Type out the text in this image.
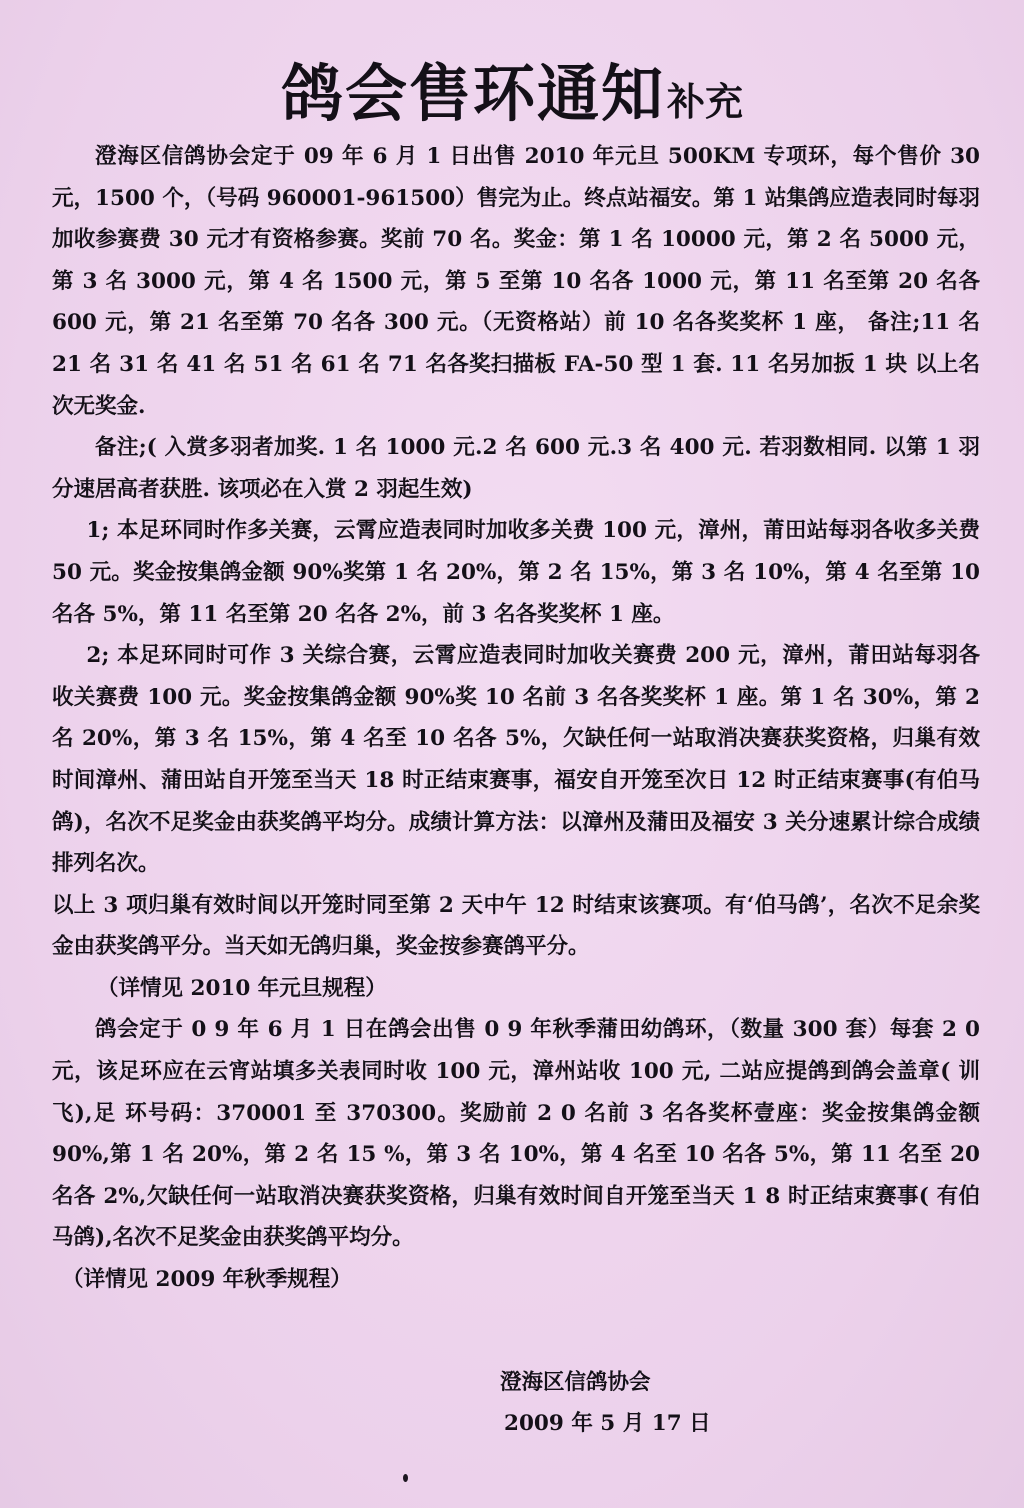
鸽会售环通知补充

澄海区信鸽协会定于 09 年 6 月 1 日出售 2010 年元旦 500KM 专项环，每个售价 30 元，1500 个，（号码 960001-961500）售完为止。终点站福安。第 1 站集鸽应造表同时每羽加收参赛费 30 元才有资格参赛。奖前 70 名。奖金：第 1 名 10000 元，第 2 名 5000 元，第 3 名 3000 元，第 4 名 1500 元，第 5 至第 10 名各 1000 元，第 11 名至第 20 名各 600 元，第 21 名至第 70 名各 300 元。（无资格站）前 10 名各奖奖杯 1 座， 备注;11 名 21 名 31 名 41 名 51 名 61 名 71 名各奖扫描板 FA-50 型 1 套. 11 名另加扳 1 块 以上名次无奖金.

备注;( 入赏多羽者加奖. 1 名 1000 元.2 名 600 元.3 名 400 元. 若羽数相同. 以第 1 羽分速居高者获胜. 该项必在入赏 2 羽起生效)

1; 本足环同时作多关赛，云霄应造表同时加收多关费 100 元，漳州，莆田站每羽各收多关费 50 元。奖金按集鸽金额 90%奖第 1 名 20%，第 2 名 15%，第 3 名 10%，第 4 名至第 10 名各 5%，第 11 名至第 20 名各 2%，前 3 名各奖奖杯 1 座。

2; 本足环同时可作 3 关综合赛，云霄应造表同时加收关赛费 200 元，漳州，莆田站每羽各收关赛费 100 元。奖金按集鸽金额 90%奖 10 名前 3 名各奖奖杯 1 座。第 1 名 30%，第 2 名 20%，第 3 名 15%，第 4 名至 10 名各 5%，欠缺任何一站取消决赛获奖资格，归巢有效时间漳州、蒲田站自开笼至当天 18 时正结束赛事，福安自开笼至次日 12 时正结束赛事(有伯马鸽)，名次不足奖金由获奖鸽平均分。成绩计算方法：以漳州及蒲田及福安 3 关分速累计综合成绩排列名次。

以上 3 项归巢有效时间以开笼时同至第 2 天中午 12 时结束该赛项。有‘伯马鸽’，名次不足余奖金由获奖鸽平分。当天如无鸽归巢，奖金按参赛鸽平分。

（详情见 2010 年元旦规程）

鸽会定于 0 9 年 6 月 1 日在鸽会出售 0 9 年秋季蒲田幼鸽环，（数量 300 套）每套 2 0 元，该足环应在云宵站填多关表同时收 100 元，漳州站收 100 元, 二站应提鸽到鸽会盖章( 训飞),足 环号码：370001 至 370300。奖励前 2 0 名前 3 名各奖杯壹座：奖金按集鸽金额 90%,第 1 名 20%，第 2 名 15 %，第 3 名 10%，第 4 名至 10 名各 5%，第 11 名至 20 名各 2%,欠缺任何一站取消决赛获奖资格，归巢有效时间自开笼至当天 1 8 时正结束赛事( 有伯马鸽),名次不足奖金由获奖鸽平均分。

（详情见 2009 年秋季规程）

澄海区信鸽协会
2009 年 5 月 17 日
